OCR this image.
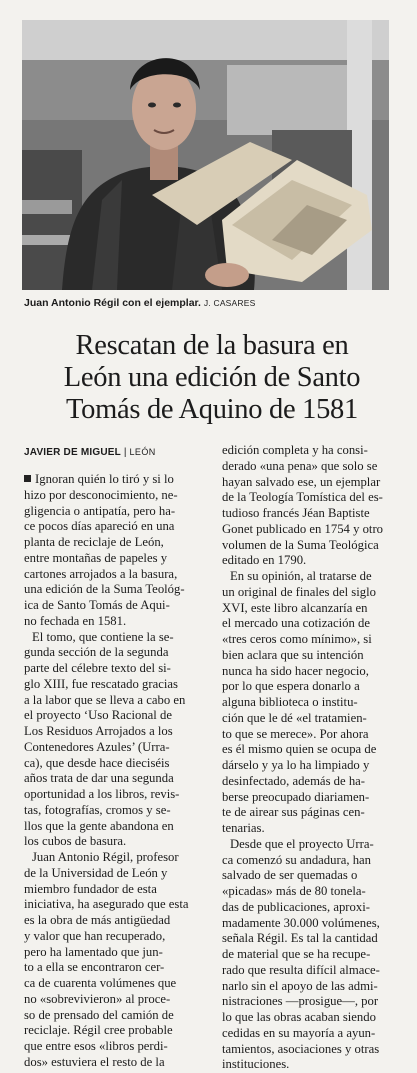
Juan Antonio Régil con el ejemplar. J. CASARES
Rescatan de la basura en
León una edición de Santo
Tomás de Aquino de 1581
JAVIER DE MIGUEL | LEÓN
Ignoran quién lo tiró y si lo
hizo por desconocimiento, ne-
gligencia o antipatía, pero ha-
ce pocos días apareció en una
planta de reciclaje de León,
entre montañas de papeles y
cartones arrojados a la basura,
una edición de la Suma Teológ-
ica de Santo Tomás de Aqui-
no fechada en 1581.
El tomo, que contiene la se-
gunda sección de la segunda
parte del célebre texto del si-
glo XIII, fue rescatado gracias
a la labor que se lleva a cabo en
el proyecto ‘Uso Racional de
Los Residuos Arrojados a los
Contenedores Azules’ (Urra-
ca), que desde hace dieciséis
años trata de dar una segunda
oportunidad a los libros, revis-
tas, fotografías, cromos y se-
llos que la gente abandona en
los cubos de basura.
Juan Antonio Régil, profesor
de la Universidad de León y
miembro fundador de esta
iniciativa, ha asegurado que esta
es la obra de más antigüedad
y valor que han recuperado,
pero ha lamentado que jun-
to a ella se encontraron cer-
ca de cuarenta volúmenes que
no «sobrevivieron» al proce-
so de prensado del camión de
reciclaje. Régil cree probable
que entre esos «libros perdi-
dos» estuviera el resto de la
edición completa y ha consi-
derado «una pena» que solo se
hayan salvado ese, un ejemplar
de la Teología Tomística del es-
tudioso francés Jéan Baptiste
Gonet publicado en 1754 y otro
volumen de la Suma Teológica
editado en 1790.
En su opinión, al tratarse de
un original de finales del siglo
XVI, este libro alcanzaría en
el mercado una cotización de
«tres ceros como mínimo», si
bien aclara que su intención
nunca ha sido hacer negocio,
por lo que espera donarlo a
alguna biblioteca o institu-
ción que le dé «el tratamien-
to que se merece». Por ahora
es él mismo quien se ocupa de
dárselo y ya lo ha limpiado y
desinfectado, además de ha-
berse preocupado diariamen-
te de airear sus páginas cen-
tenarias.
Desde que el proyecto Urra-
ca comenzó su andadura, han
salvado de ser quemadas o
«picadas» más de 80 tonela-
das de publicaciones, aproxi-
madamente 30.000 volúmenes,
señala Régil. Es tal la cantidad
de material que se ha recupe-
rado que resulta difícil almace-
narlo sin el apoyo de las admi-
nistraciones —prosigue—, por
lo que las obras acaban siendo
cedidas en su mayoría a ayun-
tamientos, asociaciones y otras
instituciones.
